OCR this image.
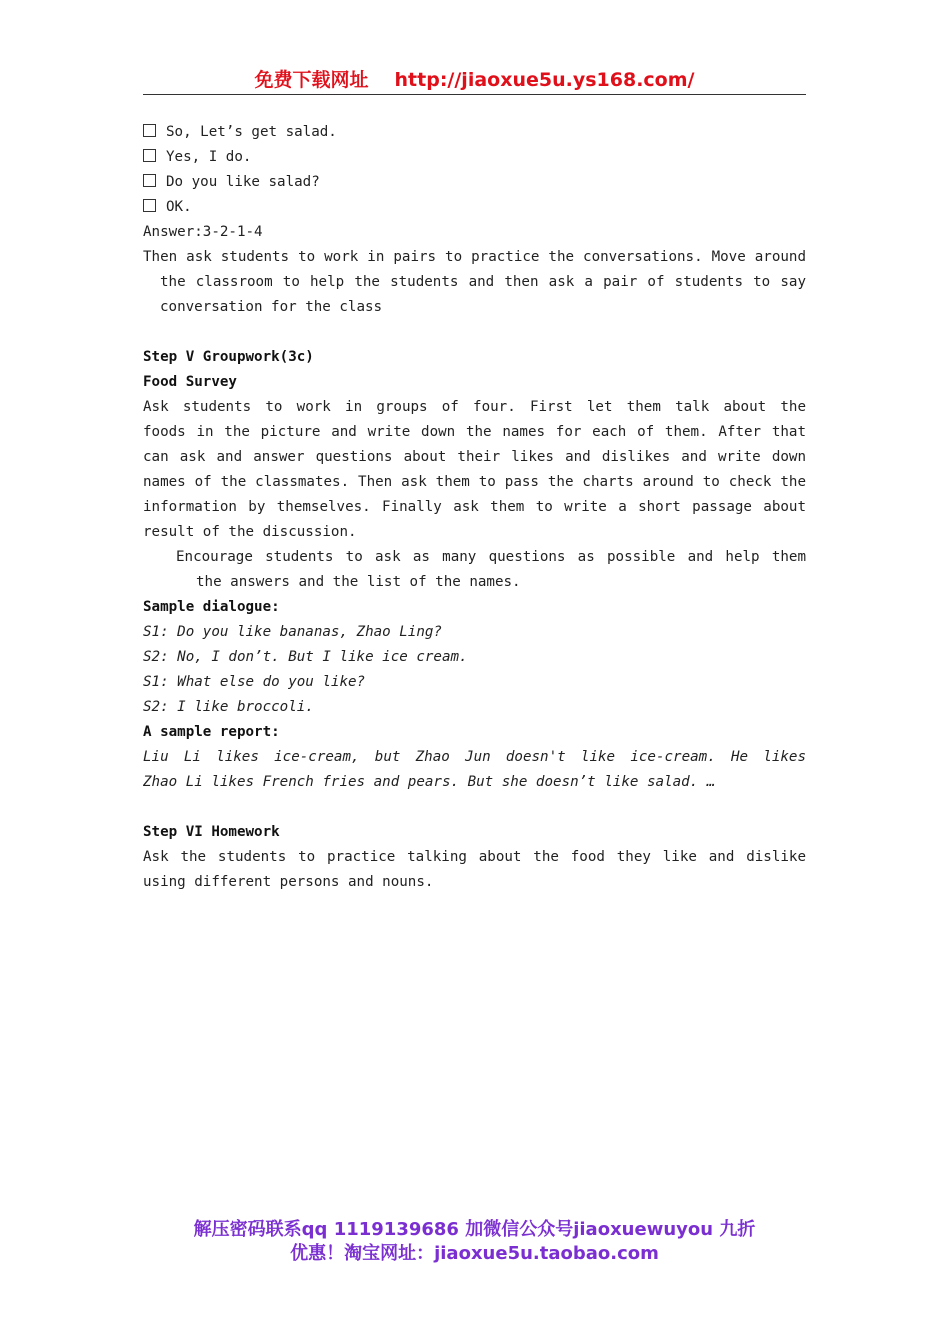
免费下载网址 http://jiaoxue5u.ys168.com/
So, Let’s get salad.
Yes, I do.
Do you like salad?
OK.
Answer:3-2-1-4
Then ask students to work in pairs to practice the conversations. Move around
the classroom to help the students and then ask a pair of students to say
conversation for the class
Step V Groupwork(3c)
Food Survey
Ask students to work in groups of four. First let them talk about the
foods in the picture and write down the names for each of them. After that
can ask and answer questions about their likes and dislikes and write down
names of the classmates. Then ask them to pass the charts around to check the
information by themselves. Finally ask them to write a short passage about
result of the discussion.
Encourage students to ask as many questions as possible and help them
the answers and the list of the names.
Sample dialogue:
S1: Do you like bananas, Zhao Ling?
S2: No, I don’t. But I like ice cream.
S1: What else do you like?
S2: I like broccoli.
A sample report:
Liu Li likes ice-cream, but Zhao Jun doesn't like ice-cream. He likes
Zhao Li likes French fries and pears. But she doesn’t like salad. …
Step VI Homework
Ask the students to practice talking about the food they like and dislike
using different persons and nouns.
解压密码联系qq 1119139686 加微信公众号jiaoxuewuyou 九折
优惠！淘宝网址：jiaoxue5u.taobao.com
